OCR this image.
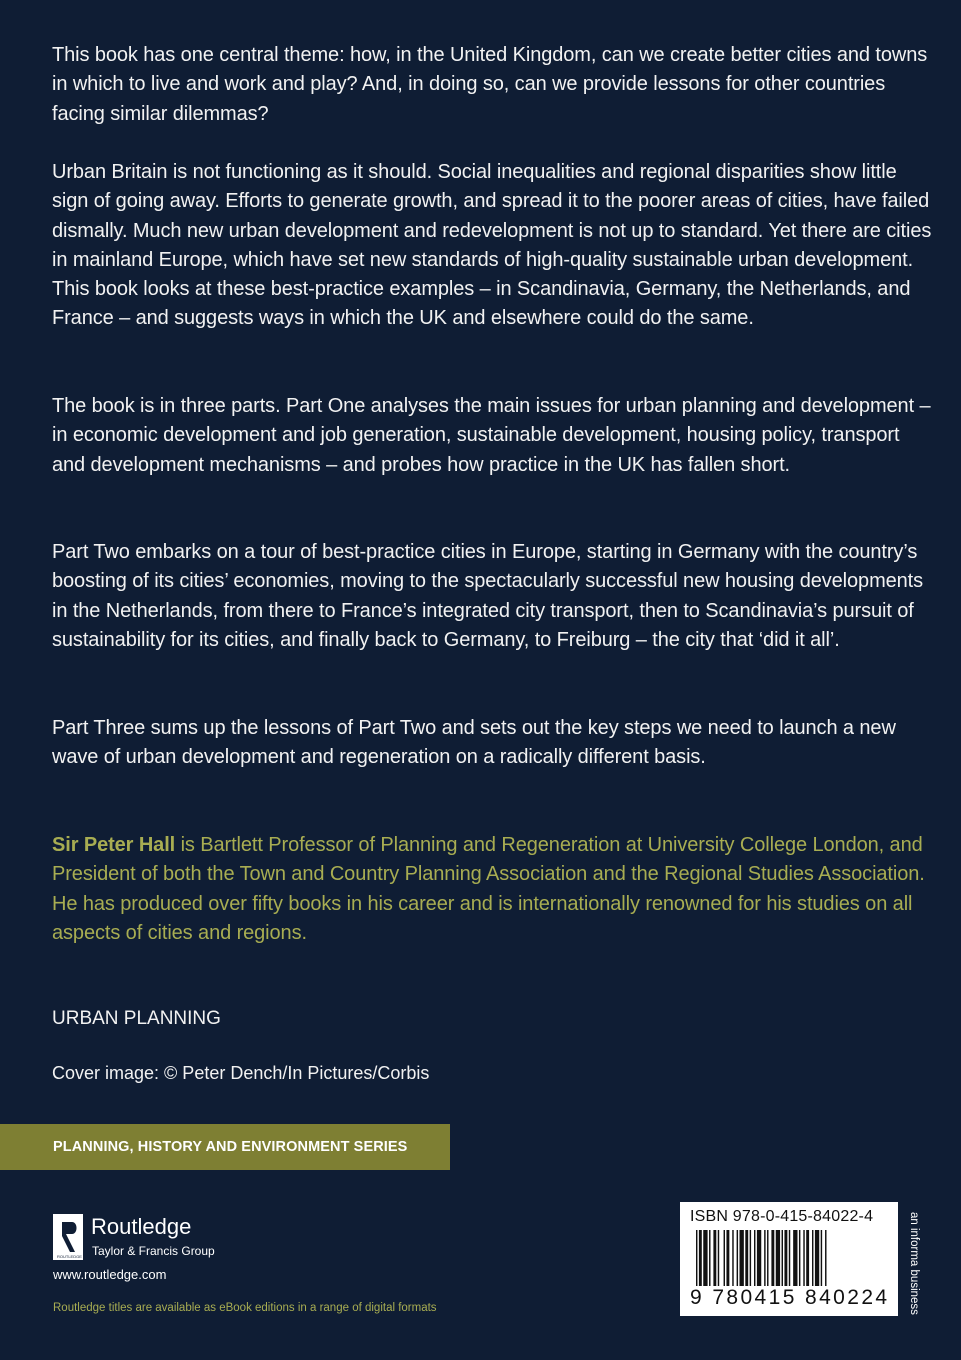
This book has one central theme: how, in the United Kingdom, can we create better cities and towns in which to live and work and play? And, in doing so, can we provide lessons for other countries facing similar dilemmas?

Urban Britain is not functioning as it should. Social inequalities and regional disparities show little sign of going away. Efforts to generate growth, and spread it to the poorer areas of cities, have failed dismally. Much new urban development and redevelopment is not up to standard. Yet there are cities in mainland Europe, which have set new standards of high-quality sustainable urban development. This book looks at these best-practice examples – in Scandinavia, Germany, the Netherlands, and France – and suggests ways in which the UK and elsewhere could do the same.

The book is in three parts. Part One analyses the main issues for urban planning and development – in economic development and job generation, sustainable development, housing policy, transport and development mechanisms – and probes how practice in the UK has fallen short.

Part Two embarks on a tour of best-practice cities in Europe, starting in Germany with the country’s boosting of its cities’ economies, moving to the spectacularly successful new housing developments in the Netherlands, from there to France’s integrated city transport, then to Scandinavia’s pursuit of sustainability for its cities, and finally back to Germany, to Freiburg – the city that ‘did it all’.

Part Three sums up the lessons of Part Two and sets out the key steps we need to launch a new wave of urban development and regeneration on a radically different basis.

Sir Peter Hall is Bartlett Professor of Planning and Regeneration at University College London, and President of both the Town and Country Planning Association and the Regional Studies Association. He has produced over fifty books in his career and is internationally renowned for his studies on all aspects of cities and regions.

URBAN PLANNING

Cover image: © Peter Dench/In Pictures/Corbis

PLANNING, HISTORY AND ENVIRONMENT SERIES
ROUTLEDGE

Routledge

Taylor & Francis Group

www.routledge.com

Routledge titles are available as eBook editions in a range of digital formats

ISBN 978-0-415-84022-4

9 780415 840224	an informa business
